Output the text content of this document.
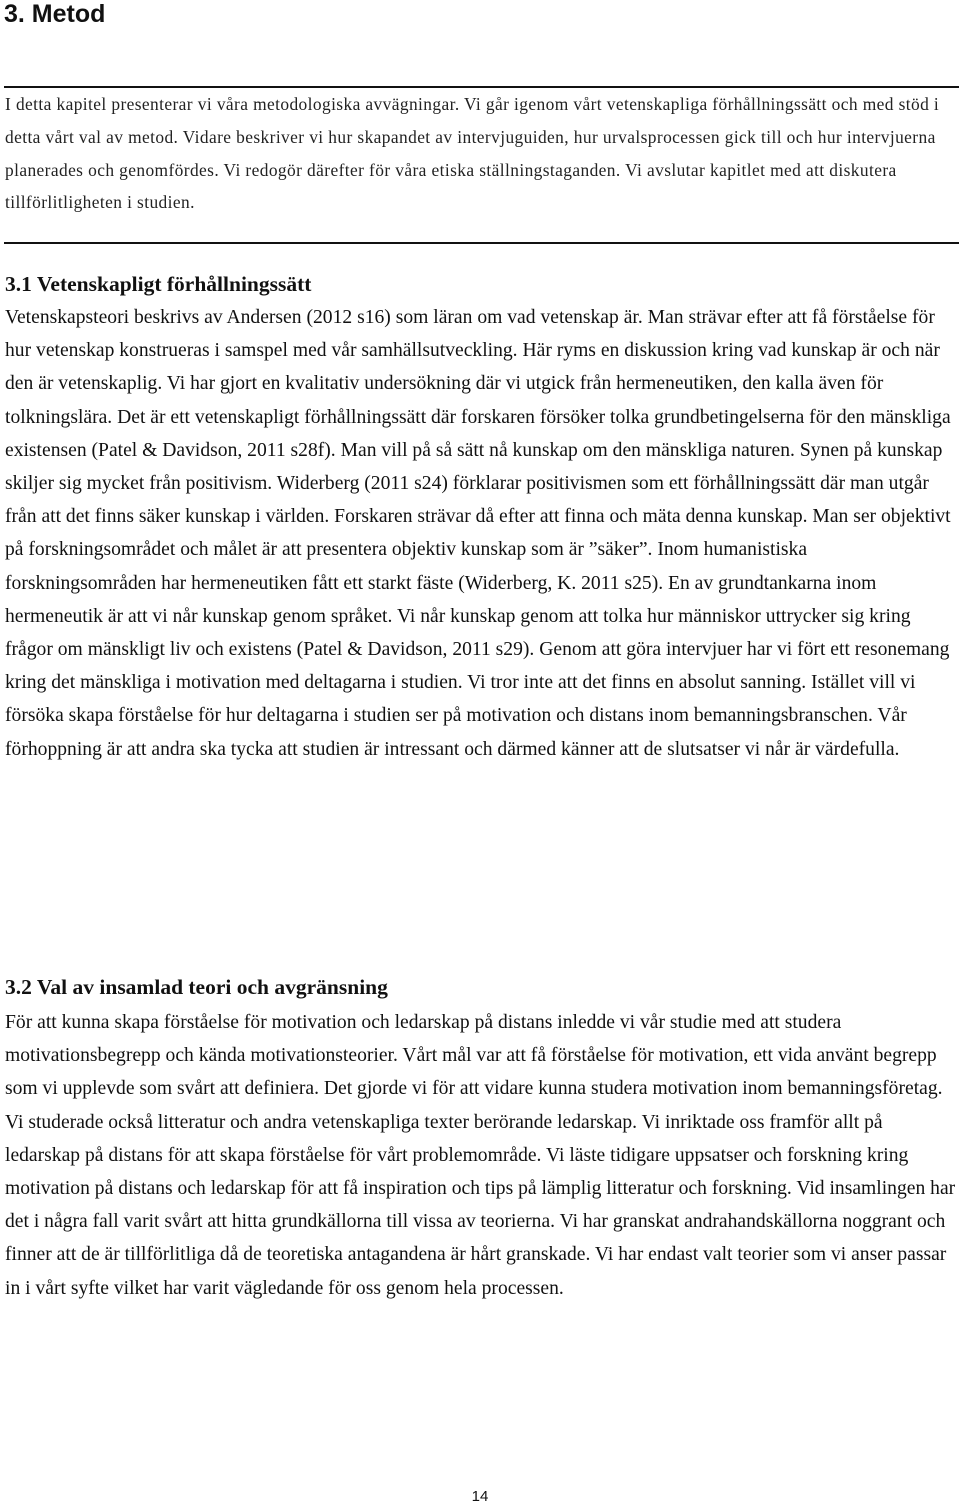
3. Metod

I detta kapitel presenterar vi våra metodologiska avvägningar. Vi går igenom vårt vetenskapliga förhållningssätt och med stöd i detta vårt val av metod. Vidare beskriver vi hur skapandet av intervjuguiden, hur urvalsprocessen gick till och hur intervjuerna planerades och genomfördes. Vi redogör därefter för våra etiska ställningstaganden. Vi avslutar kapitlet med att diskutera tillförlitligheten i studien.

3.1 Vetenskapligt förhållningssätt

Vetenskapsteori beskrivs av Andersen (2012 s16) som läran om vad vetenskap är. Man strävar efter att få förståelse för hur vetenskap konstrueras i samspel med vår samhällsutveckling. Här ryms en diskussion kring vad kunskap är och när den är vetenskaplig. Vi har gjort en kvalitativ undersökning där vi utgick från hermeneutiken, den kalla även för tolkningslära. Det är ett vetenskapligt förhållningssätt där forskaren försöker tolka grundbetingelserna för den mänskliga existensen (Patel & Davidson, 2011 s28f). Man vill på så sätt nå kunskap om den mänskliga naturen. Synen på kunskap skiljer sig mycket från positivism. Widerberg (2011 s24) förklarar positivismen som ett förhållningssätt där man utgår från att det finns säker kunskap i världen. Forskaren strävar då efter att finna och mäta denna kunskap. Man ser objektivt på forskningsområdet och målet är att presentera objektiv kunskap som är ”säker”. Inom humanistiska forskningsområden har hermeneutiken fått ett starkt fäste (Widerberg, K. 2011 s25). En av grundtankarna inom hermeneutik är att vi når kunskap genom språket. Vi når kunskap genom att tolka hur människor uttrycker sig kring frågor om mänskligt liv och existens (Patel & Davidson, 2011 s29). Genom att göra intervjuer har vi fört ett resonemang kring det mänskliga i motivation med deltagarna i studien. Vi tror inte att det finns en absolut sanning. Istället vill vi försöka skapa förståelse för hur deltagarna i studien ser på motivation och distans inom bemanningsbranschen. Vår förhoppning är att andra ska tycka att studien är intressant och därmed känner att de slutsatser vi når är värdefulla.

3.2 Val av insamlad teori och avgränsning

För att kunna skapa förståelse för motivation och ledarskap på distans inledde vi vår studie med att studera motivationsbegrepp och kända motivationsteorier. Vårt mål var att få förståelse för motivation, ett vida använt begrepp som vi upplevde som svårt att definiera. Det gjorde vi för att vidare kunna studera motivation inom bemanningsföretag. Vi studerade också litteratur och andra vetenskapliga texter berörande ledarskap. Vi inriktade oss framför allt på ledarskap på distans för att skapa förståelse för vårt problemområde. Vi läste tidigare uppsatser och forskning kring motivation på distans och ledarskap för att få inspiration och tips på lämplig litteratur och forskning. Vid insamlingen har det i några fall varit svårt att hitta grundkällorna till vissa av teorierna. Vi har granskat andrahandskällorna noggrant och finner att de är tillförlitliga då de teoretiska antagandena är hårt granskade. Vi har endast valt teorier som vi anser passar in i vårt syfte vilket har varit vägledande för oss genom hela processen.

14
